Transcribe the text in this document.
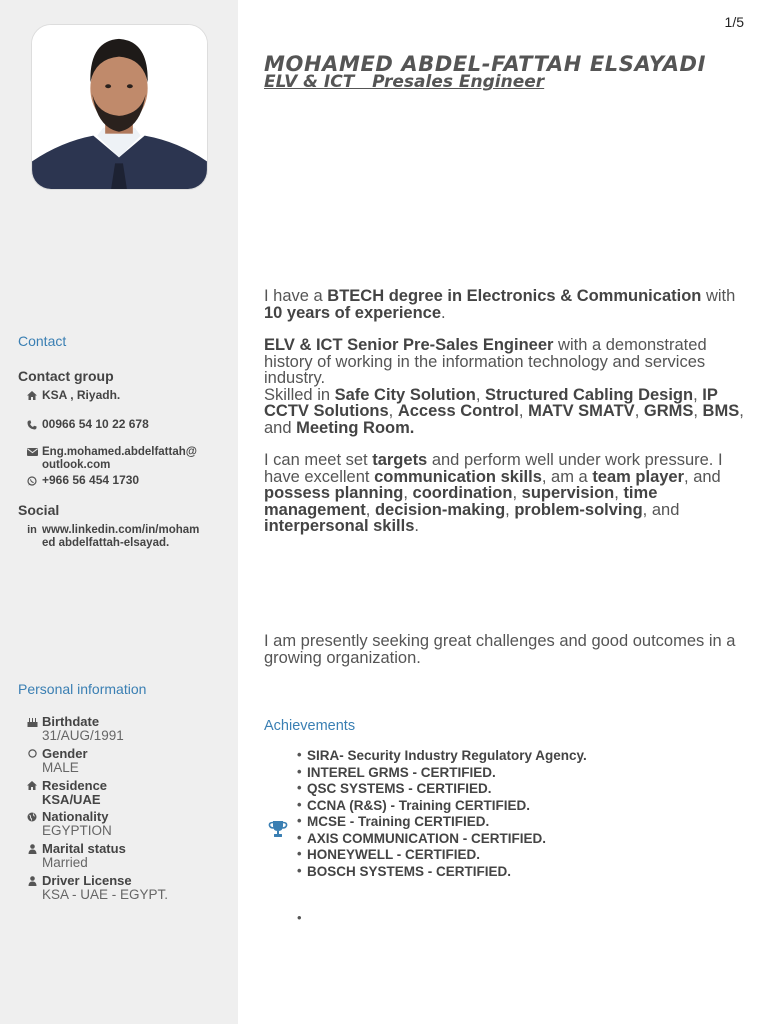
Contact
Contact group
KSA , Riyadh.
00966 54 10 22 678
Eng.mohamed.abdelfattah@
outlook.com
+966 56 454 1730
Social
in www.linkedin.com/in/moham
ed abdelfattah-elsayad.
Personal information
Birthdate
31/AUG/1991
Gender
MALE
Residence
KSA/UAE
Nationality
EGYPTION
Marital status
Married
Driver License
KSA - UAE - EGYPT.
1/5
MOHAMED ABDEL-FATTAH ELSAYADI
ELV & ICT   Presales Engineer

I have a BTECH degree in Electronics & Communication with 10 years of experience.

ELV & ICT Senior Pre-Sales Engineer with a demonstrated history of working in the information technology and services industry.
Skilled in Safe City Solution, Structured Cabling Design, IP CCTV Solutions, Access Control, MATV SMATV, GRMS, BMS, and Meeting Room.

I can meet set targets and perform well under work pressure. I have excellent communication skills, am a team player, and possess planning, coordination, supervision, time management, decision-making, problem-solving, and interpersonal skills.

I am presently seeking great challenges and good outcomes in a growing organization.

Achievements
• SIRA- Security Industry Regulatory Agency.
• INTEREL GRMS - CERTIFIED.
• QSC SYSTEMS - CERTIFIED.
• CCNA (R&S) - Training CERTIFIED.
• MCSE - Training CERTIFIED.
• AXIS COMMUNICATION - CERTIFIED.
• HONEYWELL - CERTIFIED.
• BOSCH SYSTEMS - CERTIFIED.
•
